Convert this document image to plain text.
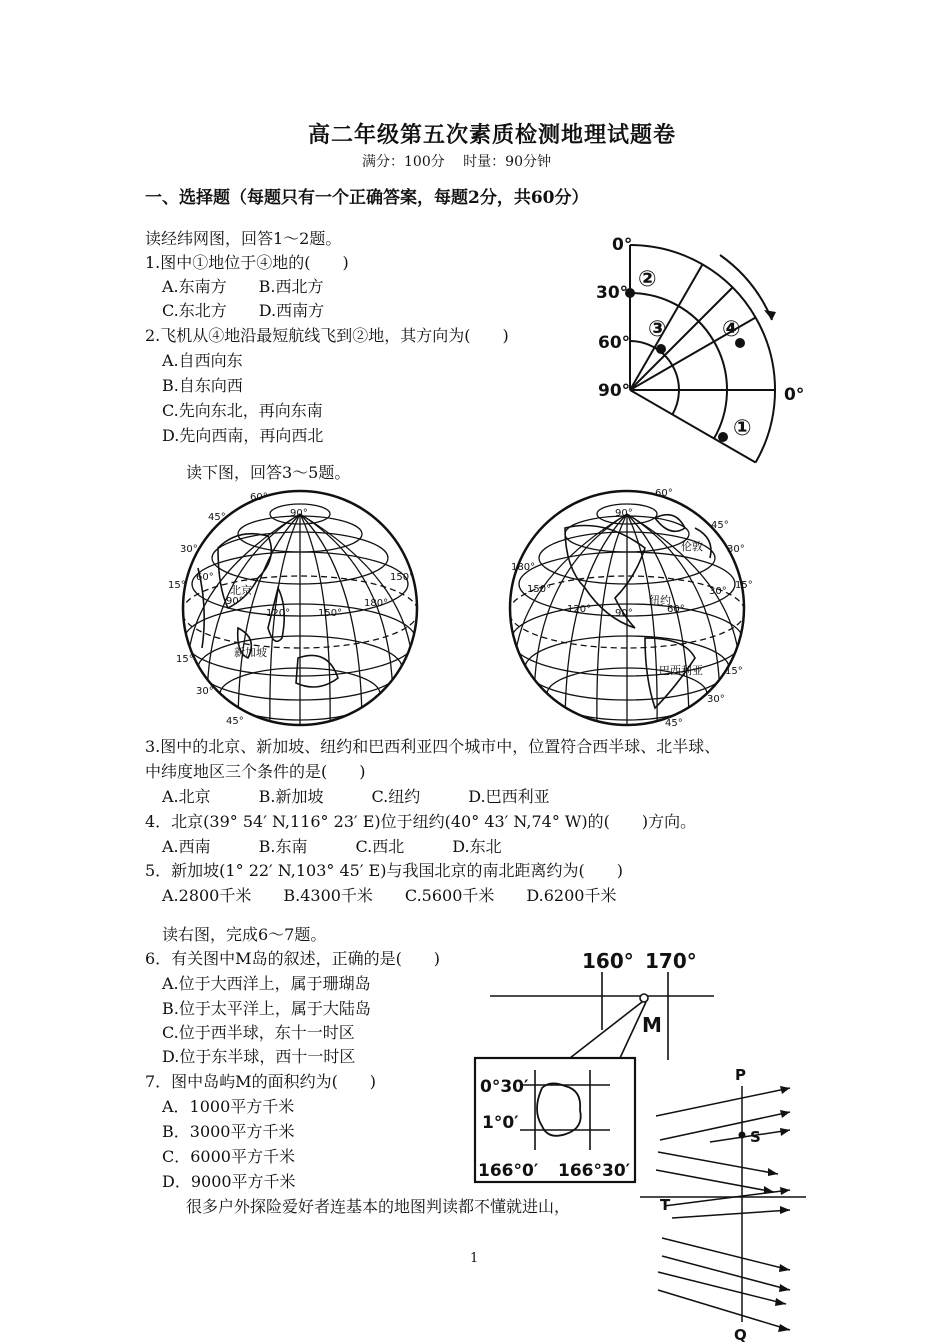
高二年级第五次素质检测地理试题卷
满分：100分　 时量：90分钟
一、选择题（每题只有一个正确答案，每题2分，共60分）
读经纬网图，回答1～2题。
1.图中①地位于④地的(　　)
A.东南方　　B.西北方
C.东北方　　D.西南方
2.飞机从④地沿最短航线飞到②地，其方向为(　　)
A.自西向东
B.自东向西
C.先向东北，再向东南
D.先向西南，再向西北
0°
30°
60°
90°	0°
②
③	④
①
读下图，回答3～5题。
60°
90°
45°
30°
15°
60°
90°
120°	150°
180°
150°
15°
30°
45°
北京
新加坡
60°
90°
45°
30°
15°
180°
150°
120° 90°	60°
30°
15°
30°
45°
伦敦
纽约
巴西利亚
3.图中的北京、新加坡、纽约和巴西利亚四个城市中，位置符合西半球、北半球、
中纬度地区三个条件的是(　　)
A.北京　　　B.新加坡　　　C.纽约　　　D.巴西利亚
4．北京(39° 54′ N,116° 23′ E)位于纽约(40° 43′ N,74° W)的(　　)方向。
A.西南　　　B.东南　　　C.西北　　　D.东北
5．新加坡(1° 22′ N,103° 45′ E)与我国北京的南北距离约为(　　)
A.2800千米　　B.4300千米　　C.5600千米　　D.6200千米
读右图，完成6～7题。
6．有关图中M岛的叙述，正确的是(　　)
A.位于大西洋上，属于珊瑚岛
B.位于太平洋上，属于大陆岛
C.位于西半球，东十一时区
D.位于东半球，西十一时区
7．图中岛屿M的面积约为(　　)
A．1000平方千米
B．3000平方千米
C．6000平方千米
D．9000平方千米
很多户外探险爱好者连基本的地图判读都不懂就进山，
160° 170°
M
0°30′
1°0′
166°0′ 166°30′
P
S
T
Q
1
